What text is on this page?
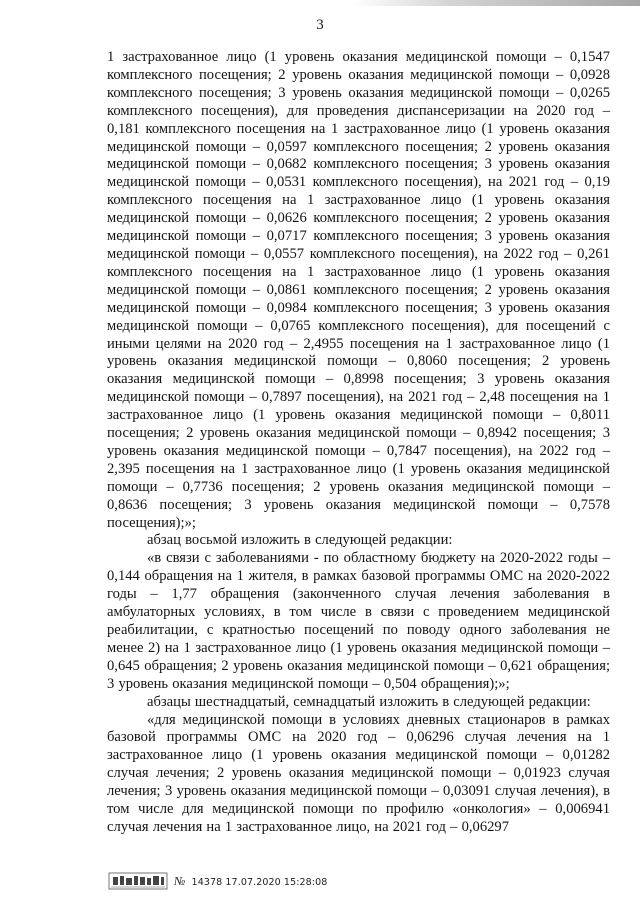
3

1 застрахованное лицо (1 уровень оказания медицинской помощи – 0,1547 комплексного посещения; 2 уровень оказания медицинской помощи – 0,0928 комплексного посещения; 3 уровень оказания медицинской помощи – 0,0265 комплексного посещения), для проведения диспансеризации на 2020 год – 0,181 комплексного посещения на 1 застрахованное лицо (1 уровень оказания медицинской помощи – 0,0597 комплексного посещения; 2 уровень оказания медицинской помощи – 0,0682 комплексного посещения; 3 уровень оказания медицинской помощи – 0,0531 комплексного посещения), на 2021 год – 0,19 комплексного посещения на 1 застрахованное лицо (1 уровень оказания медицинской помощи – 0,0626 комплексного посещения; 2 уровень оказания медицинской помощи – 0,0717 комплексного посещения; 3 уровень оказания медицинской помощи – 0,0557 комплексного посещения), на 2022 год – 0,261 комплексного посещения на 1 застрахованное лицо (1 уровень оказания медицинской помощи – 0,0861 комплексного посещения; 2 уровень оказания медицинской помощи – 0,0984 комплексного посещения; 3 уровень оказания медицинской помощи – 0,0765 комплексного посещения), для посещений с иными целями на 2020 год – 2,4955 посещения на 1 застрахованное лицо (1 уровень оказания медицинской помощи – 0,8060 посещения; 2 уровень оказания медицинской помощи – 0,8998 посещения; 3 уровень оказания медицинской помощи – 0,7897 посещения), на 2021 год – 2,48 посещения на 1 застрахованное лицо (1 уровень оказания медицинской помощи – 0,8011 посещения; 2 уровень оказания медицинской помощи – 0,8942 посещения; 3 уровень оказания медицинской помощи – 0,7847 посещения), на 2022 год – 2,395 посещения на 1 застрахованное лицо (1 уровень оказания медицинской помощи – 0,7736 посещения; 2 уровень оказания медицинской помощи – 0,8636 посещения; 3 уровень оказания медицинской помощи – 0,7578 посещения);»;

абзац восьмой изложить в следующей редакции:

«в связи с заболеваниями - по областному бюджету на 2020-2022 годы – 0,144 обращения на 1 жителя, в рамках базовой программы ОМС на 2020-2022 годы – 1,77 обращения (законченного случая лечения заболевания в амбулаторных условиях, в том числе в связи с проведением медицинской реабилитации, с кратностью посещений по поводу одного заболевания не менее 2) на 1 застрахованное лицо (1 уровень оказания медицинской помощи – 0,645 обращения; 2 уровень оказания медицинской помощи – 0,621 обращения; 3 уровень оказания медицинской помощи – 0,504 обращения);»;

абзацы шестнадцатый, семнадцатый изложить в следующей редакции:

«для медицинской помощи в условиях дневных стационаров в рамках базовой программы ОМС на 2020 год – 0,06296 случая лечения на 1 застрахованное лицо (1 уровень оказания медицинской помощи – 0,01282 случая лечения; 2 уровень оказания медицинской помощи – 0,01923 случая лечения; 3 уровень оказания медицинской помощи – 0,03091 случая лечения), в том числе для медицинской помощи по профилю «онкология» – 0,006941 случая лечения на 1 застрахованное лицо, на 2021 год – 0,06297

№ 14378 17.07.2020 15:28:08
